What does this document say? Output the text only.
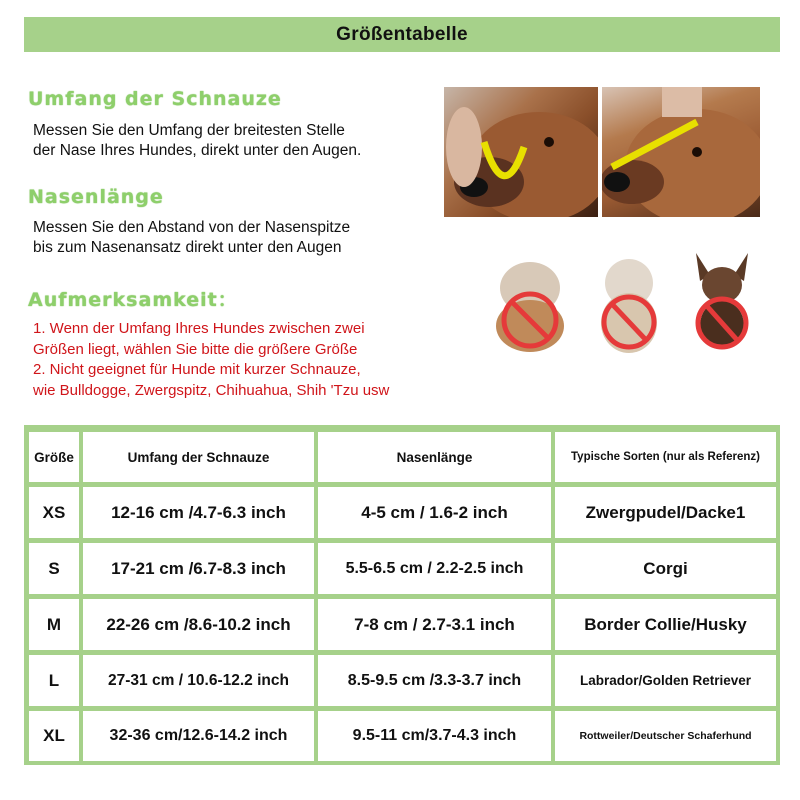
Größentabelle
Umfang der Schnauze
Messen Sie den Umfang der breitesten Stelle
der Nase Ihres Hundes, direkt unter den Augen.
Nasenlänge
Messen Sie den Abstand von der Nasenspitze
bis zum Nasenansatz direkt unter den Augen
Aufmerksamkeit：
1. Wenn der Umfang Ihres Hundes zwischen zwei
Größen liegt, wählen Sie bitte die größere Größe
2. Nicht geeignet für Hunde mit kurzer Schnauze,
wie Bulldogge, Zwergspitz, Chihuahua, Shih 'Tzu usw
Größe	Umfang der Schnauze	Nasenlänge	Typische Sorten (nur als Referenz)
XS	12-16 cm /4.7-6.3 inch	4-5 cm / 1.6-2 inch	Zwergpudel/Dacke1
S	17-21 cm /6.7-8.3 inch	5.5-6.5 cm / 2.2-2.5 inch	Corgi
M	22-26 cm /8.6-10.2 inch	7-8 cm / 2.7-3.1 inch	Border Collie/Husky
L	27-31 cm / 10.6-12.2 inch	8.5-9.5 cm /3.3-3.7 inch	Labrador/Golden Retriever
XL	32-36 cm/12.6-14.2 inch	9.5-11 cm/3.7-4.3 inch	Rottweiler/Deutscher Schaferhund
